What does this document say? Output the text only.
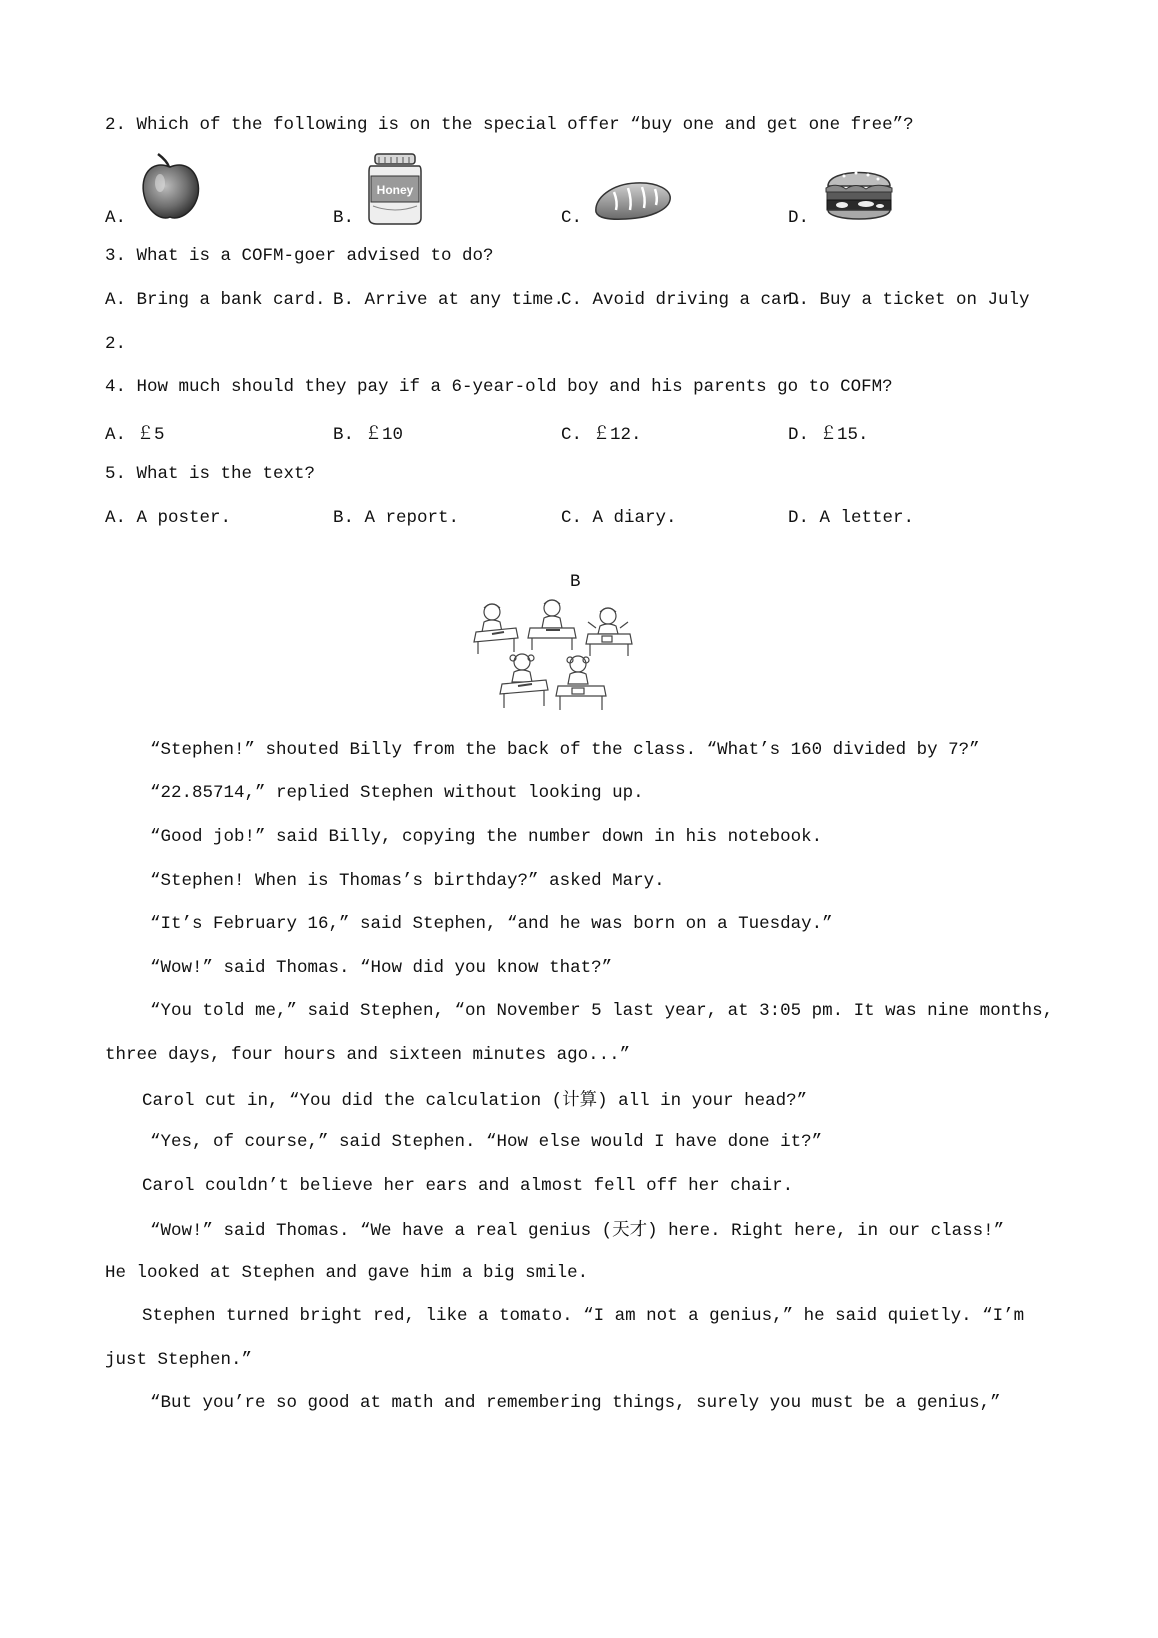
2. Which of the following is on the special offer “buy one and get one free”?
A.	B.
Honey
C.	D.
3. What is a COFM-goer advised to do?
A. Bring a bank card. B. Arrive at any time.
C. Avoid driving a car.
D. Buy a ticket on July
2.
4. How much should they pay if a 6-year-old boy and his parents go to COFM?
A. ￡5	B. ￡10	C. ￡12.	D. ￡15.
5. What is the text?
A. A poster.	B. A report.	C. A diary.	D. A letter.
B
“Stephen!” shouted Billy from the back of the class. “What’s 160 divided by 7?”
“22.85714,” replied Stephen without looking up.
“Good job!” said Billy, copying the number down in his notebook.
“Stephen! When is Thomas’s birthday?” asked Mary.
“It’s February 16,” said Stephen, “and he was born on a Tuesday.”
“Wow!” said Thomas. “How did you know that?”
“You told me,” said Stephen, “on November 5 last year, at 3:05 pm. It was nine months,
three days, four hours and sixteen minutes ago...”
Carol cut in, “You did the calculation (计算) all in your head?”
“Yes, of course,” said Stephen. “How else would I have done it?”
Carol couldn’t believe her ears and almost fell off her chair.
“Wow!” said Thomas. “We have a real genius (天才) here. Right here, in our class!”
He looked at Stephen and gave him a big smile.
Stephen turned bright red, like a tomato. “I am not a genius,” he said quietly. “I’m
just Stephen.”
“But you’re so good at math and remembering things, surely you must be a genius,”
